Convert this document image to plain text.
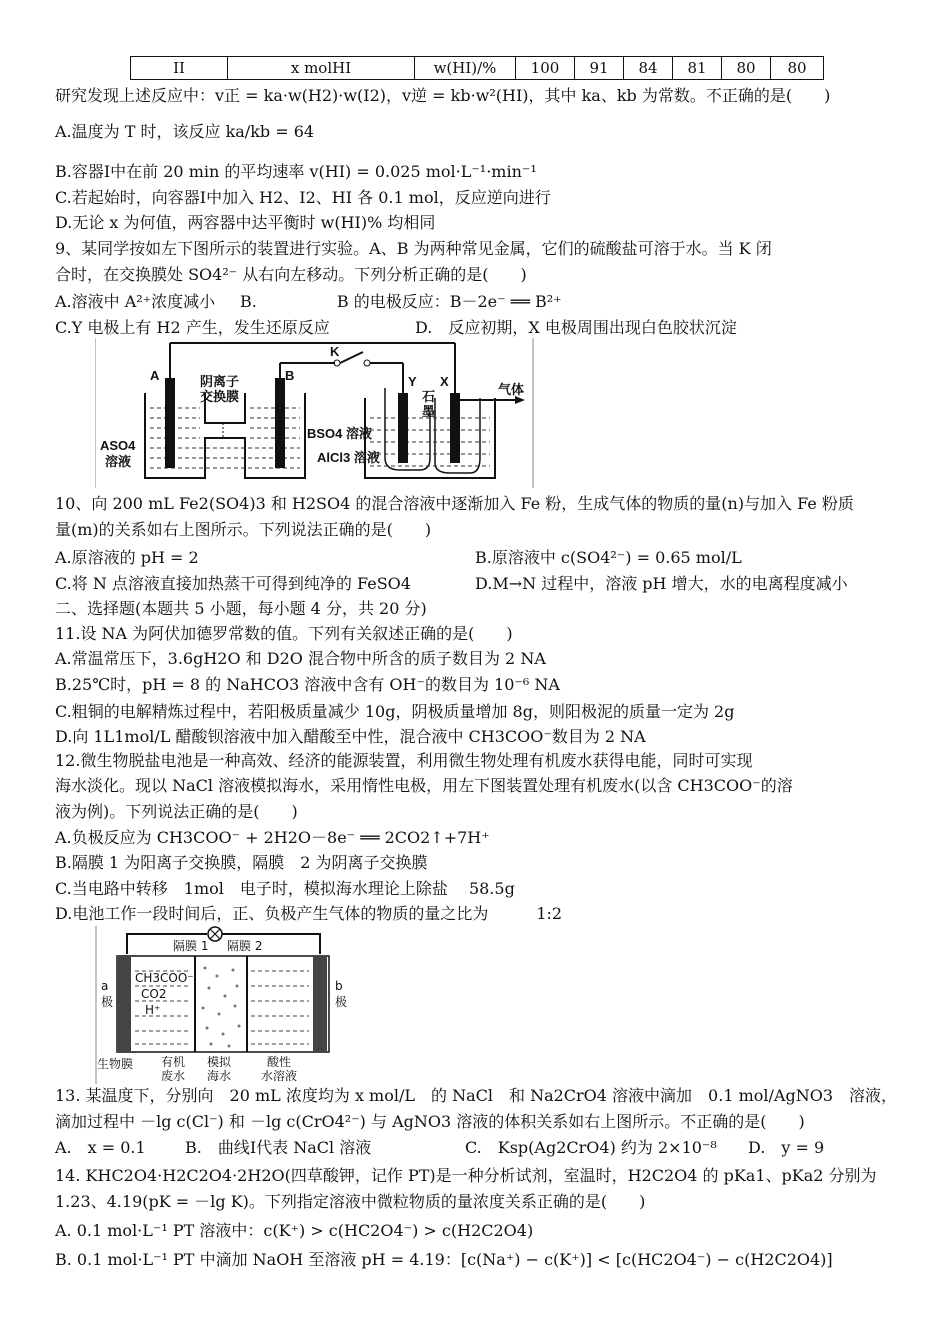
II	x molHI	w(HI)/%	100	91	84	81	80	80
研究发现上述反应中：v正 = ka·w(H2)·w(I2)，v逆 = kb·w²(HI)，其中 ka、kb 为常数。不正确的是(　　)
A.温度为 T 时，该反应 ka/kb = 64
B.容器Ⅰ中在前 20 min 的平均速率 v(HI) = 0.025 mol·L⁻¹·min⁻¹
C.若起始时，向容器Ⅰ中加入 H2、I2、HI 各 0.1 mol，反应逆向进行
D.无论 x 为何值，两容器中达平衡时 w(HI)% 均相同
9、某同学按如左下图所示的装置进行实验。A、B 为两种常见金属，它们的硫酸盐可溶于水。当 K 闭
合时，在交换膜处 SO4²⁻ 从右向左移动。下列分析正确的是(　　)
A.溶液中 A²⁺浓度减小 B.　　　　　B 的电极反应：B－2e⁻ ══ B²⁺
C.Y 电极上有 H2 产生，发生还原反应	D.　反应初期，X 电极周围出现白色胶状沉淀
A	B
K
Y X
阴离子
交换膜	石
墨
气体
ASO4
溶液
BSO4 溶液
AlCl3 溶液
10、向 200 mL Fe2(SO4)3 和 H2SO4 的混合溶液中逐渐加入 Fe 粉，生成气体的物质的量(n)与加入 Fe 粉质
量(m)的关系如右上图所示。下列说法正确的是(　　)
A.原溶液的 pH = 2	B.原溶液中 c(SO4²⁻) = 0.65 mol/L
C.将 N 点溶液直接加热蒸干可得到纯净的 FeSO4	D.M→N 过程中，溶液 pH 增大，水的电离程度减小
二、选择题(本题共 5 小题，每小题 4 分，共 20 分)
11.设 NA 为阿伏加德罗常数的值。下列有关叙述正确的是(　　)
A.常温常压下，3.6gH2O 和 D2O 混合物中所含的质子数目为 2 NA
B.25℃时，pH = 8 的 NaHCO3 溶液中含有 OH⁻的数目为 10⁻⁶ NA
C.粗铜的电解精炼过程中，若阳极质量减少 10g，阴极质量增加 8g，则阳极泥的质量一定为 2g
D.向 1L1mol/L 醋酸钡溶液中加入醋酸至中性，混合液中 CH3COO⁻数目为 2 NA
12.微生物脱盐电池是一种高效、经济的能源装置，利用微生物处理有机废水获得电能，同时可实现
海水淡化。现以 NaCl 溶液模拟海水，采用惰性电极，用左下图装置处理有机废水(以含 CH3COO⁻的溶
液为例)。下列说法正确的是(　　)
A.负极反应为 CH3COO⁻ + 2H2O－8e⁻ ══ 2CO2↑+7H⁺
B.隔膜 1 为阳离子交换膜，隔膜　2 为阴离子交换膜
C.当电路中转移　1mol　电子时，模拟海水理论上除盐　 58.5g
D.电池工作一段时间后，正、负极产生气体的物质的量之比为　　　1:2
隔膜 1 隔膜 2
a
极
b
极
CH3COO⁻
CO2
H⁺
生物膜 有机
废水
模拟
海水
酸性
水溶液
13. 某温度下，分别向　20 mL 浓度均为 x mol/L　的 NaCl　和 Na2CrO4 溶液中滴加　0.1 mol/AgNO3　溶液，
滴加过程中 －lg c(Cl⁻) 和 －lg c(CrO4²⁻) 与 AgNO3 溶液的体积关系如右上图所示。不正确的是(　　)
A.　x = 0.1 B.　曲线Ⅰ代表 NaCl 溶液	C.　Ksp(Ag2CrO4) 约为 2×10⁻⁸ D.　y = 9
14. KHC2O4·H2C2O4·2H2O(四草酸钾，记作 PT)是一种分析试剂，室温时，H2C2O4 的 pKa1、pKa2 分别为
1.23、4.19(pK = －lg K)。下列指定溶液中微粒物质的量浓度关系正确的是(　　)
A. 0.1 mol·L⁻¹ PT 溶液中：c(K⁺) > c(HC2O4⁻) > c(H2C2O4)
B. 0.1 mol·L⁻¹ PT 中滴加 NaOH 至溶液 pH = 4.19：[c(Na⁺) − c(K⁺)] < [c(HC2O4⁻) − c(H2C2O4)]
